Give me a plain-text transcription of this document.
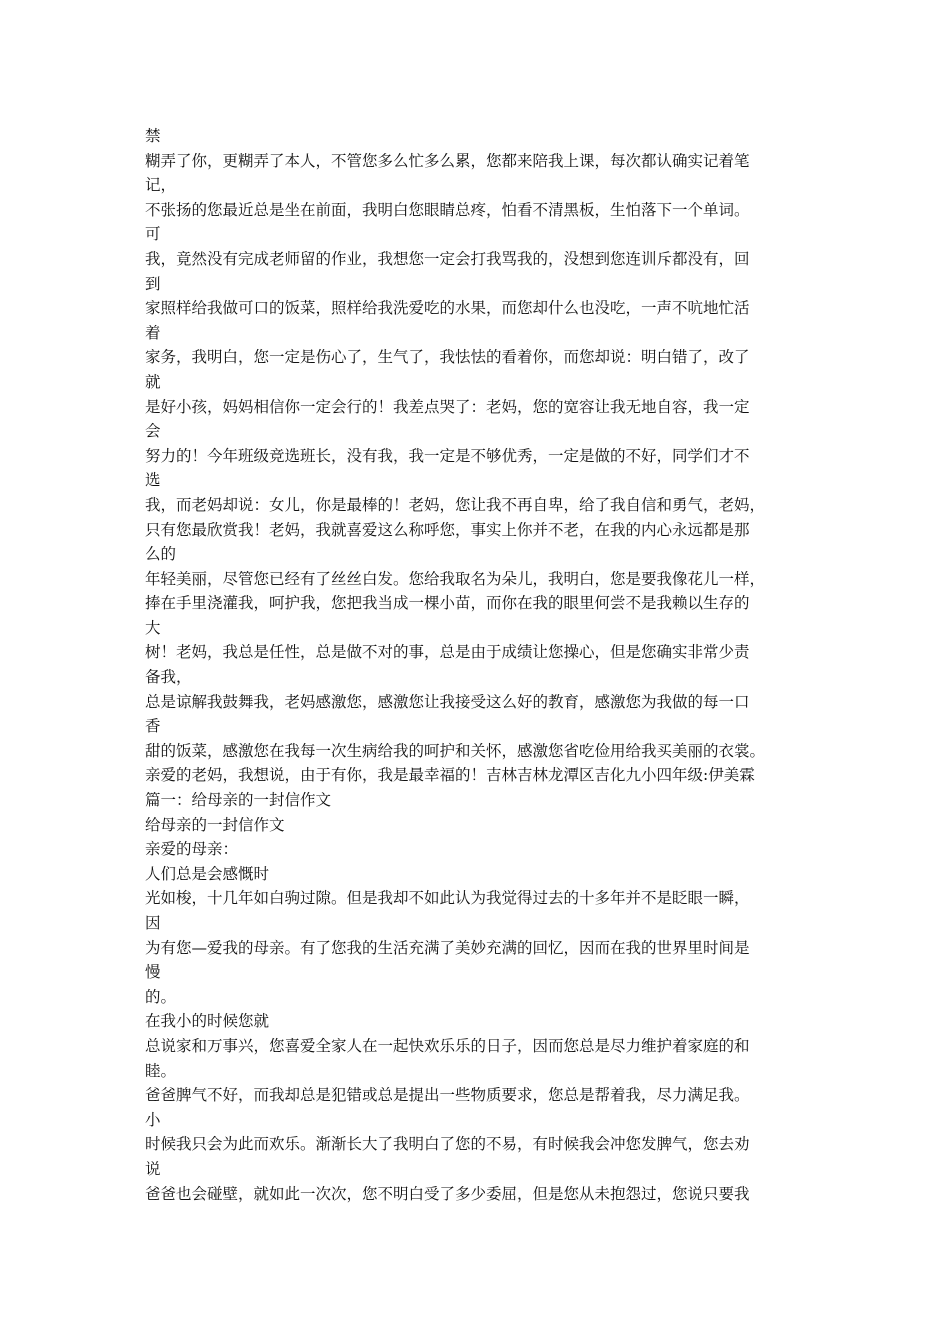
禁
糊弄了你，更糊弄了本人，不管您多么忙多么累，您都来陪我上课，每次都认确实记着笔
记，
不张扬的您最近总是坐在前面，我明白您眼睛总疼，怕看不清黑板，生怕落下一个单词。
可
我，竟然没有完成老师留的作业，我想您一定会打我骂我的，没想到您连训斥都没有，回
到
家照样给我做可口的饭菜，照样给我洗爱吃的水果，而您却什么也没吃，一声不吭地忙活
着
家务，我明白，您一定是伤心了，生气了，我怯怯的看着你，而您却说：明白错了，改了
就
是好小孩，妈妈相信你一定会行的！我差点哭了：老妈，您的宽容让我无地自容，我一定
会
努力的！今年班级竞选班长，没有我，我一定是不够优秀，一定是做的不好，同学们才不
选
我，而老妈却说：女儿，你是最棒的！老妈，您让我不再自卑，给了我自信和勇气，老妈，
只有您最欣赏我！老妈，我就喜爱这么称呼您，事实上你并不老，在我的内心永远都是那
么的
年轻美丽，尽管您已经有了丝丝白发。您给我取名为朵儿，我明白，您是要我像花儿一样，
捧在手里浇灌我，呵护我，您把我当成一棵小苗，而你在我的眼里何尝不是我赖以生存的
大
树！老妈，我总是任性，总是做不对的事，总是由于成绩让您操心，但是您确实非常少责
备我，
总是谅解我鼓舞我，老妈感激您，感激您让我接受这么好的教育，感激您为我做的每一口
香
甜的饭菜，感激您在我每一次生病给我的呵护和关怀，感激您省吃俭用给我买美丽的衣裳。
亲爱的老妈，我想说，由于有你，我是最幸福的！吉林吉林龙潭区吉化九小四年级:伊美霖
篇一：给母亲的一封信作文
给母亲的一封信作文
亲爱的母亲：
人们总是会感慨时
光如梭，十几年如白驹过隙。但是我却不如此认为我觉得过去的十多年并不是眨眼一瞬，
因
为有您—爱我的母亲。有了您我的生活充满了美妙充满的回忆，因而在我的世界里时间是
慢
的。
在我小的时候您就
总说家和万事兴，您喜爱全家人在一起快欢乐乐的日子，因而您总是尽力维护着家庭的和
睦。
爸爸脾气不好，而我却总是犯错或总是提出一些物质要求，您总是帮着我，尽力满足我。
小
时候我只会为此而欢乐。渐渐长大了我明白了您的不易，有时候我会冲您发脾气，您去劝
说
爸爸也会碰壁，就如此一次次，您不明白受了多少委屈，但是您从未抱怨过，您说只要我
